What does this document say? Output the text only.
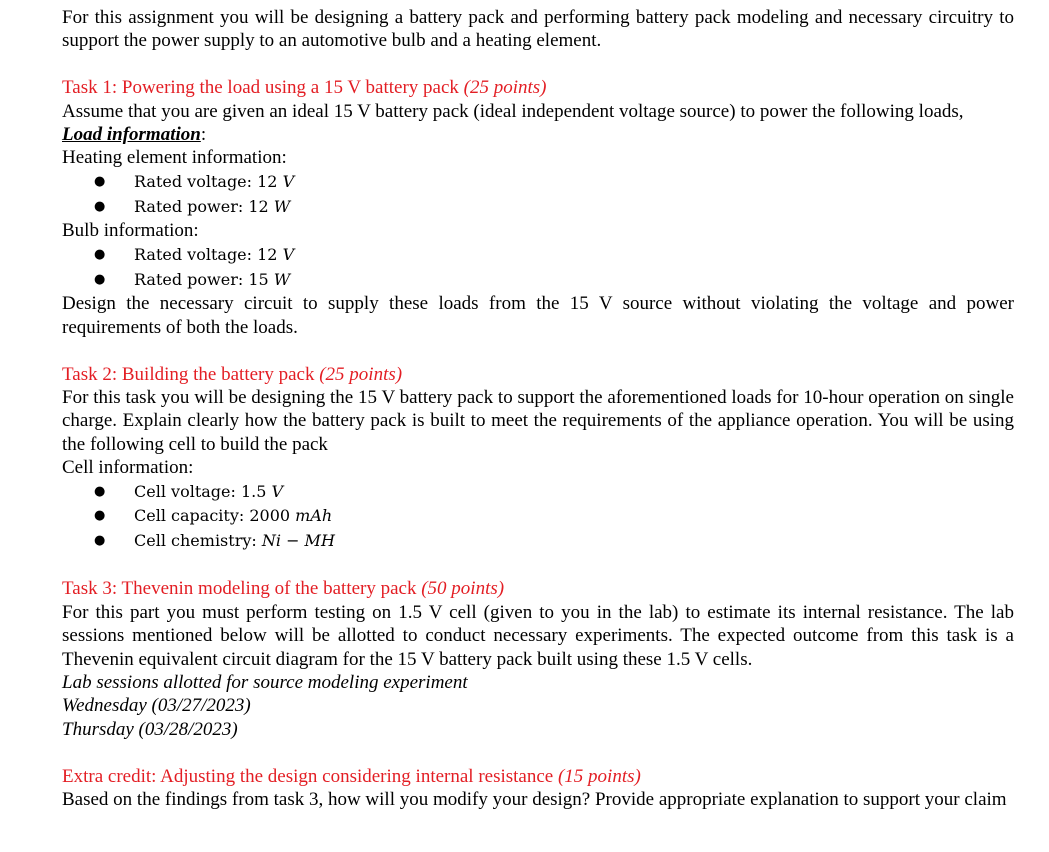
For this assignment you will be designing a battery pack and performing battery pack modeling and necessary circuitry to support the power supply to an automotive bulb and a heating element.

Task 1: Powering the load using a 15 V battery pack (25 points)

Assume that you are given an ideal 15 V battery pack (ideal independent voltage source) to power the following loads,

Load information:

Heating element information:

● Rated voltage: 12 V
● Rated power: 12 W

Bulb information:

● Rated voltage: 12 V
● Rated power: 15 W

Design the necessary circuit to supply these loads from the 15 V source without violating the voltage and power requirements of both the loads.

Task 2: Building the battery pack (25 points)

For this task you will be designing the 15 V battery pack to support the aforementioned loads for 10-hour operation on single charge. Explain clearly how the battery pack is built to meet the requirements of the appliance operation. You will be using the following cell to build the pack

Cell information:

● Cell voltage: 1.5 V
● Cell capacity: 2000 mAh
● Cell chemistry: Ni − MH

Task 3: Thevenin modeling of the battery pack (50 points)

For this part you must perform testing on 1.5 V cell (given to you in the lab) to estimate its internal resistance. The lab sessions mentioned below will be allotted to conduct necessary experiments. The expected outcome from this task is a Thevenin equivalent circuit diagram for the 15 V battery pack built using these 1.5 V cells.

Lab sessions allotted for source modeling experiment

Wednesday (03/27/2023)

Thursday (03/28/2023)

Extra credit: Adjusting the design considering internal resistance (15 points)

Based on the findings from task 3, how will you modify your design? Provide appropriate explanation to support your claim
